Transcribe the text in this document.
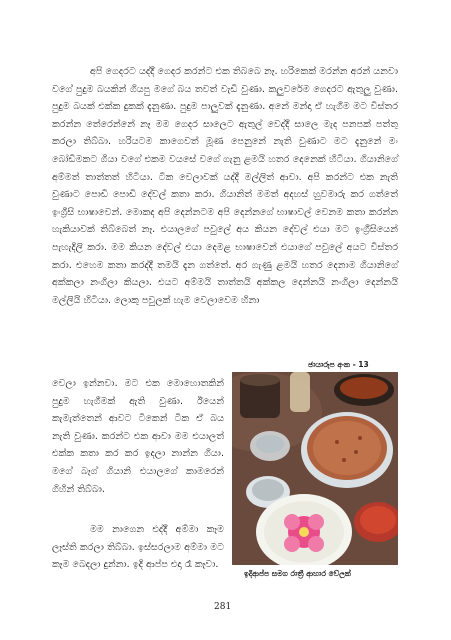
අපි ගෙදරට යද්දී ගෙදර කරන්ට එක තිබබෙ නෑ. හරිකෙක් මරන්න අරන් යනවා වගේ පුදුම බයකින් ගියපු මගේ බය තවත් වැඩි වුණා. කලුවරේම ගෙදරට ඇතුලු වුණා. පුදුම බයක් එක්ක දුකක් දැනුණා. පුදුම පාලුවක් දැනුණා. අනේ මන්දා ඒ හැගීම මට විස්තර කරන්න තේරෙන්නේ නෑ මම ගෙදර සාලෙට ඇතුල් වෙද්දී සාලෙ මැද පනපක් පත්තු කරලා තිබ්බා. හරියටම කාගෙවත් මූණ පෙනුනේ නැති වුණාට මට දැනුනේ මං බෝඩිමකට ගියා වගේ එකම වයසේ වගේ ගැනු ළමයි හතර දෙනෙක් හිටියා. ගියානිගේ අම්මත් තාත්තත් හිටියා. ටික වෙලාවක් යද්දී මල්ලිත් ආවා. අපි කරන්ට එක නැති වුණාට පොඩි පොඩි දේවල් කතා කරා. ගියානිත් මමත් අදහස් හුවමාරු කර ගත්තේ ඉංග්‍රීසි භාෂාවෙන්. මොකද අපි දෙන්නටම අපි දෙන්නගේ භාෂාවල් වෙනම කතා කරන්න හැකියාවක් තිබ්බෙත් නෑ. එයාලගේ පවුලේ අය කියන දේවල් එයා මට ඉංග්‍රීසියෙන් පැහැදිලි කරා. මම කියන දේවල් එයා දෙමළ භාෂාවෙන් එයාගේ පවුලේ අයට විස්තර කරා. එහෙම කතා කරද්දී තමයි දැන ගත්තේ. අර ගැණු ළමයි හතර දෙනාම ගියානිගේ අක්කලා නංගිලා කියලා. එයට අම්මයි තාත්තයි අක්කල දෙන්නයි නංගිලා දෙන්නයි මල්ලියි හිටියා. ලොකු පවුලක් හැම වෙලාවෙම හිනා

වෙලා ඉන්නවා. මට එක මොහොතකින් පුදුම හැගීමක් ඇති වුණා. ඊයෙන් කැමැත්තෙන් ආවට ටිකෙන් ටික ඒ බය නැති වුණා. කරන්ට එක ආවා මම එයාලත් එක්ක කතා කර කර ඉදලා නාන්න ගියා. මගේ බෑග් ගියානි එයාලගේ කාමරෙන් ගිහින් තිබ්බා.
මම නාගෙන එද්දී අම්මා කෑම ලෑස්ති කරලා තිබ්බා. ඉස්සරලාම අම්මා මට කෑම බෙදලා දුන්නා. ඉදි ආප්ප එදා රෑ කෑවා.
ඡායාරූප අංක - 13
ඉදිආප්ප සමග රාත්‍රී ආහාර වේලක්
281
